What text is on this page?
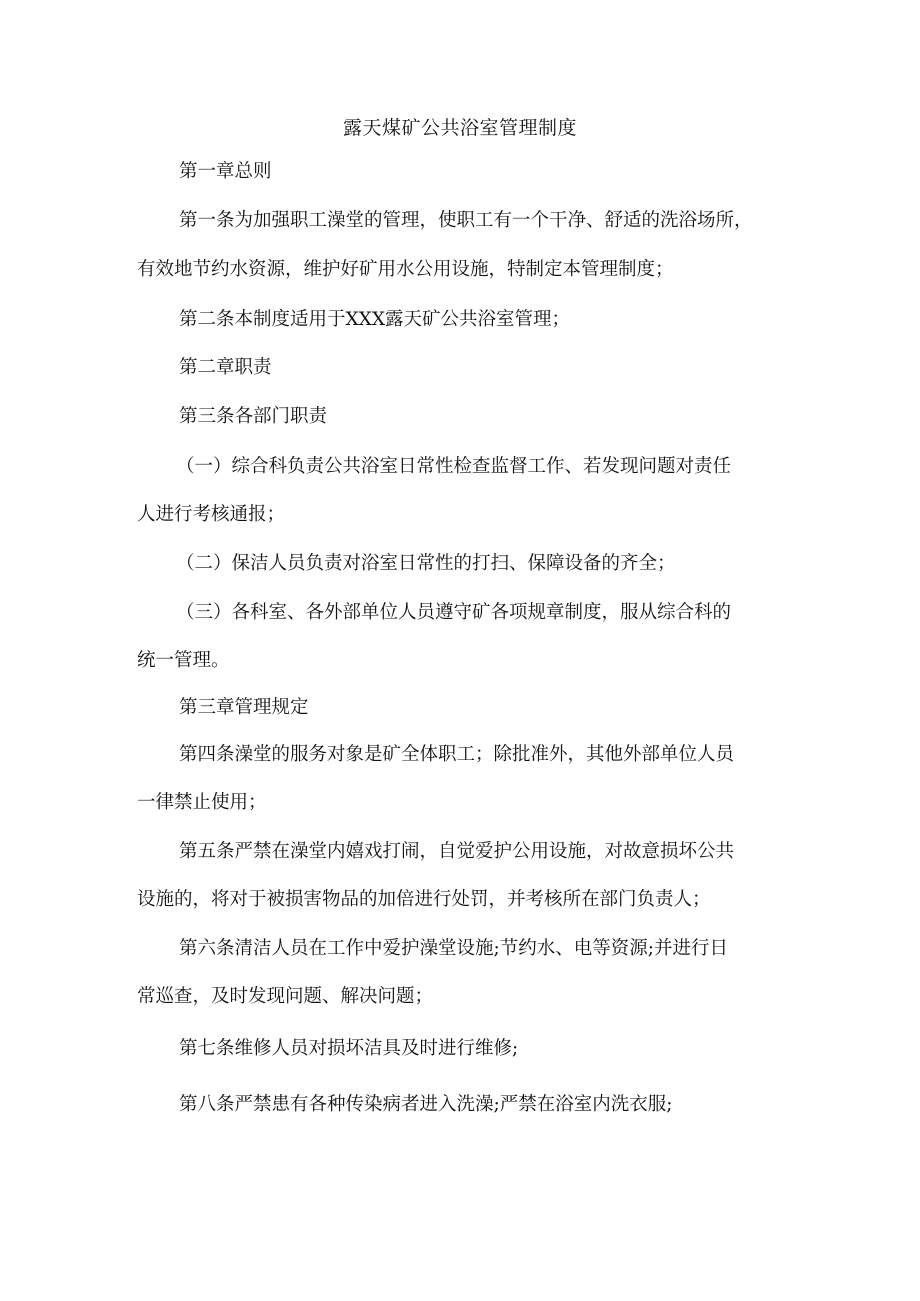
露天煤矿公共浴室管理制度
第一章总则
第一条为加强职工澡堂的管理，使职工有一个干净、舒适的洗浴场所，
有效地节约水资源，维护好矿用水公用设施，特制定本管理制度；
第二条本制度适用于XXX露天矿公共浴室管理；
第二章职责
第三条各部门职责
（一）综合科负责公共浴室日常性检查监督工作、若发现问题对责任
人进行考核通报；
（二）保洁人员负责对浴室日常性的打扫、保障设备的齐全；
（三）各科室、各外部单位人员遵守矿各项规章制度，服从综合科的
统一管理。
第三章管理规定
第四条澡堂的服务对象是矿全体职工；除批准外，其他外部单位人员
一律禁止使用；
第五条严禁在澡堂内嬉戏打闹，自觉爱护公用设施，对故意损坏公共
设施的，将对于被损害物品的加倍进行处罚，并考核所在部门负责人；
第六条清洁人员在工作中爱护澡堂设施;节约水、电等资源;并进行日
常巡查，及时发现问题、解决问题；
第七条维修人员对损坏洁具及时进行维修;
第八条严禁患有各种传染病者进入洗澡;严禁在浴室内洗衣服;
